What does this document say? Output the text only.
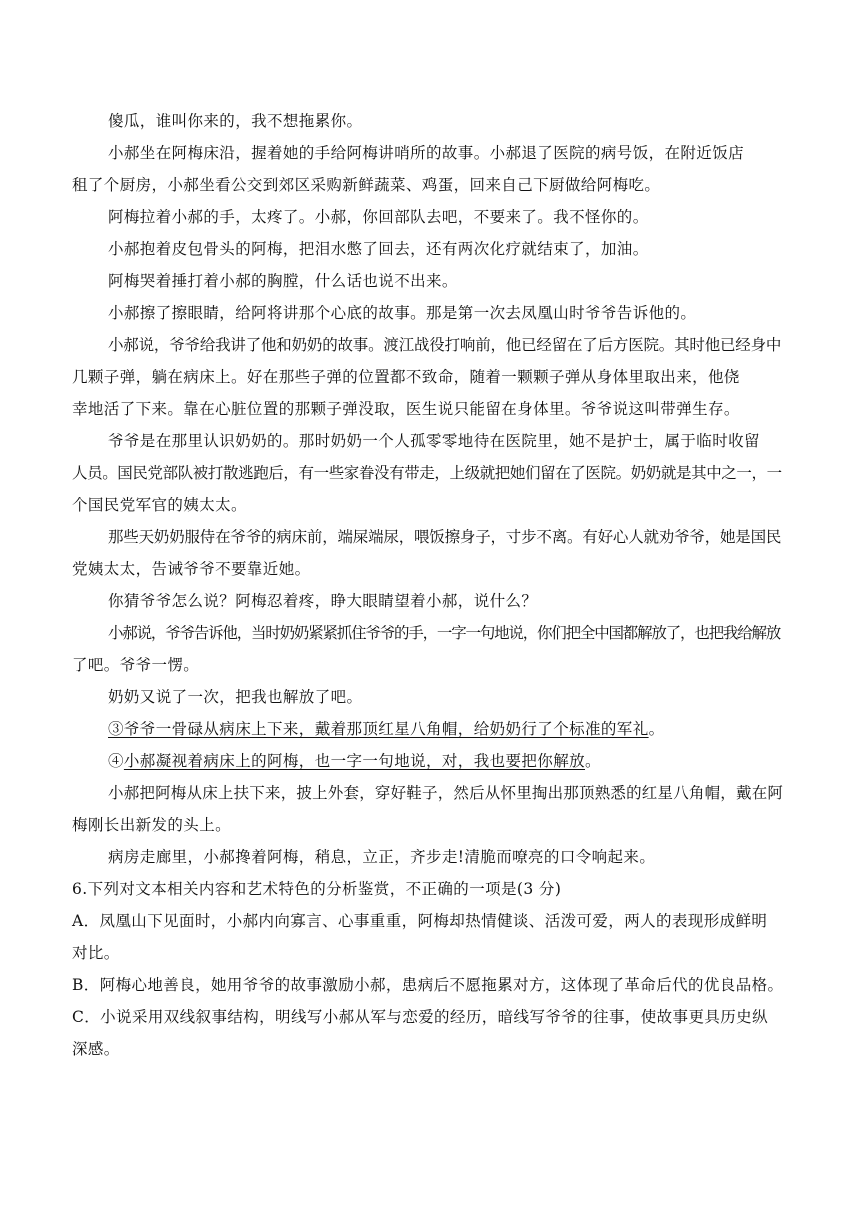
傻瓜，谁叫你来的，我不想拖累你。
小郝坐在阿梅床沿，握着她的手给阿梅讲哨所的故事。小郝退了医院的病号饭，在附近饭店
租了个厨房，小郝坐看公交到郊区采购新鲜蔬菜、鸡蛋，回来自己下厨做给阿梅吃。
阿梅拉着小郝的手，太疼了。小郝，你回部队去吧，不要来了。我不怪你的。
小郝抱着皮包骨头的阿梅，把泪水憋了回去，还有两次化疗就结束了，加油。
阿梅哭着捶打着小郝的胸膛，什么话也说不出来。
小郝擦了擦眼睛，给阿将讲那个心底的故事。那是第一次去凤凰山时爷爷告诉他的。
小郝说，爷爷给我讲了他和奶奶的故事。渡江战役打响前，他已经留在了后方医院。其时他已经身中
几颗子弹，躺在病床上。好在那些子弹的位置都不致命，随着一颗颗子弹从身体里取出来，他侥
幸地活了下来。靠在心脏位置的那颗子弹没取，医生说只能留在身体里。爷爷说这叫带弹生存。
爷爷是在那里认识奶奶的。那时奶奶一个人孤零零地待在医院里，她不是护士，属于临时收留
人员。国民党部队被打散逃跑后，有一些家眷没有带走，上级就把她们留在了医院。奶奶就是其中之一，一
个国民党军官的姨太太。
那些天奶奶服侍在爷爷的病床前，端屎端尿，喂饭擦身子，寸步不离。有好心人就劝爷爷，她是国民
党姨太太，告诫爷爷不要靠近她。
你猜爷爷怎么说？阿梅忍着疼，睁大眼睛望着小郝，说什么？
小郝说，爷爷告诉他，当时奶奶紧紧抓住爷爷的手，一字一句地说，你们把全中国都解放了，也把我给解放
了吧。爷爷一愣。
奶奶又说了一次，把我也解放了吧。
③爷爷一骨碌从病床上下来，戴着那顶红星八角帽，给奶奶行了个标准的军礼。
④小郝凝视着病床上的阿梅，也一字一句地说，对，我也要把你解放。
小郝把阿梅从床上扶下来，披上外套，穿好鞋子，然后从怀里掏出那顶熟悉的红星八角帽，戴在阿
梅刚长出新发的头上。
病房走廊里，小郝搀着阿梅，稍息，立正，齐步走!清脆而嘹亮的口令响起来。
6.下列对文本相关内容和艺术特色的分析鉴赏，不正确的一项是(3 分)
A．凤凰山下见面时，小郝内向寡言、心事重重，阿梅却热情健谈、活泼可爱，两人的表现形成鲜明
对比。
B．阿梅心地善良，她用爷爷的故事激励小郝，患病后不愿拖累对方，这体现了革命后代的优良品格。
C．小说采用双线叙事结构，明线写小郝从军与恋爱的经历，暗线写爷爷的往事，使故事更具历史纵
深感。
